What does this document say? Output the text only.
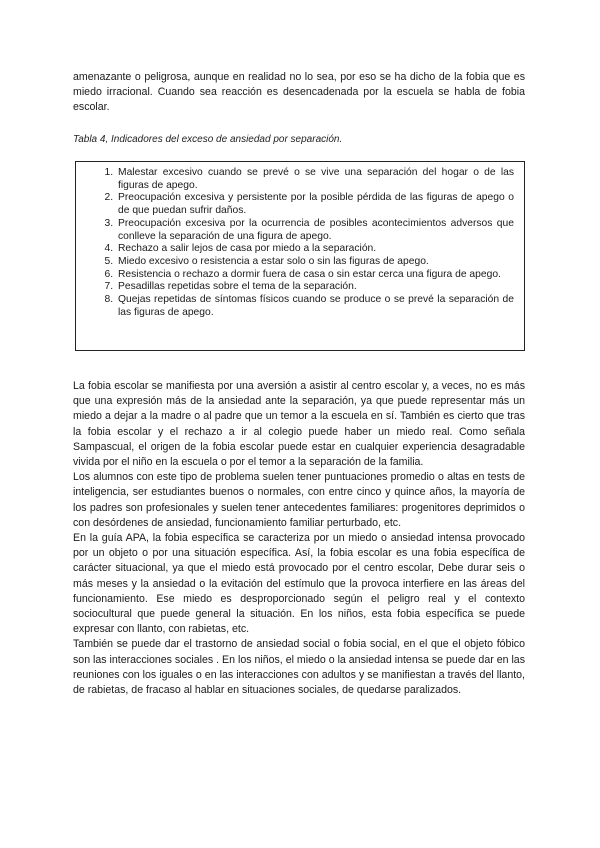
amenazante o peligrosa, aunque en realidad no lo sea, por eso se ha dicho de la fobia que es miedo irracional. Cuando sea reacción es desencadenada por la escuela se habla de fobia escolar.

Tabla 4, Indicadores del exceso de ansiedad por separación.

1. Malestar excesivo cuando se prevé o se vive una separación del hogar o de las figuras de apego.
2. Preocupación excesiva y persistente por la posible pérdida de las figuras de apego o de que puedan sufrir daños.
3. Preocupación excesiva por la ocurrencia de posibles acontecimientos adversos que conlleve la separación de una figura de apego.
4. Rechazo a salir lejos de casa por miedo a la separación.
5. Miedo excesivo o resistencia a estar solo o sin las figuras de apego.
6. Resistencia o rechazo a dormir fuera de casa o sin estar cerca una figura de apego.
7. Pesadillas repetidas sobre el tema de la separación.
8. Quejas repetidas de síntomas físicos cuando se produce o se prevé la separación de las figuras de apego.

La fobia escolar se manifiesta por una aversión a asistir al centro escolar y, a veces, no es más que una expresión más de la ansiedad ante la separación, ya que puede representar más un miedo a dejar a la madre o al padre que un temor a la escuela en sí. También es cierto que tras la fobia escolar y el rechazo a ir al colegio puede haber un miedo real. Como señala Sampascual, el origen de la fobia escolar puede estar en cualquier experiencia desagradable vivida por el niño en la escuela o por el temor a la separación de la familia.

Los alumnos con este tipo de problema suelen tener puntuaciones promedio o altas en tests de inteligencia, ser estudiantes buenos o normales, con entre cinco y quince años, la mayoría de los padres son profesionales y suelen tener antecedentes familiares: progenitores deprimidos o con desórdenes de ansiedad, funcionamiento familiar perturbado, etc.

En la guía APA, la fobia específica se caracteriza por un miedo o ansiedad intensa provocado por un objeto o por una situación específica. Así, la fobia escolar es una fobia específica de carácter situacional, ya que el miedo está provocado por el centro escolar, Debe durar seis o más meses y la ansiedad o la evitación del estímulo que la provoca interfiere en las áreas del funcionamiento. Ese miedo es desproporcionado según el peligro real y el contexto sociocultural que puede general la situación. En los niños, esta fobia específica se puede expresar con llanto, con rabietas, etc.

También se puede dar el trastorno de ansiedad social o fobia social, en el que el objeto fóbico son las interacciones sociales . En los niños, el miedo o la ansiedad intensa se puede dar en las reuniones con los iguales o en las interacciones con adultos y se manifiestan a través del llanto, de rabietas, de fracaso al hablar en situaciones sociales, de quedarse paralizados.
